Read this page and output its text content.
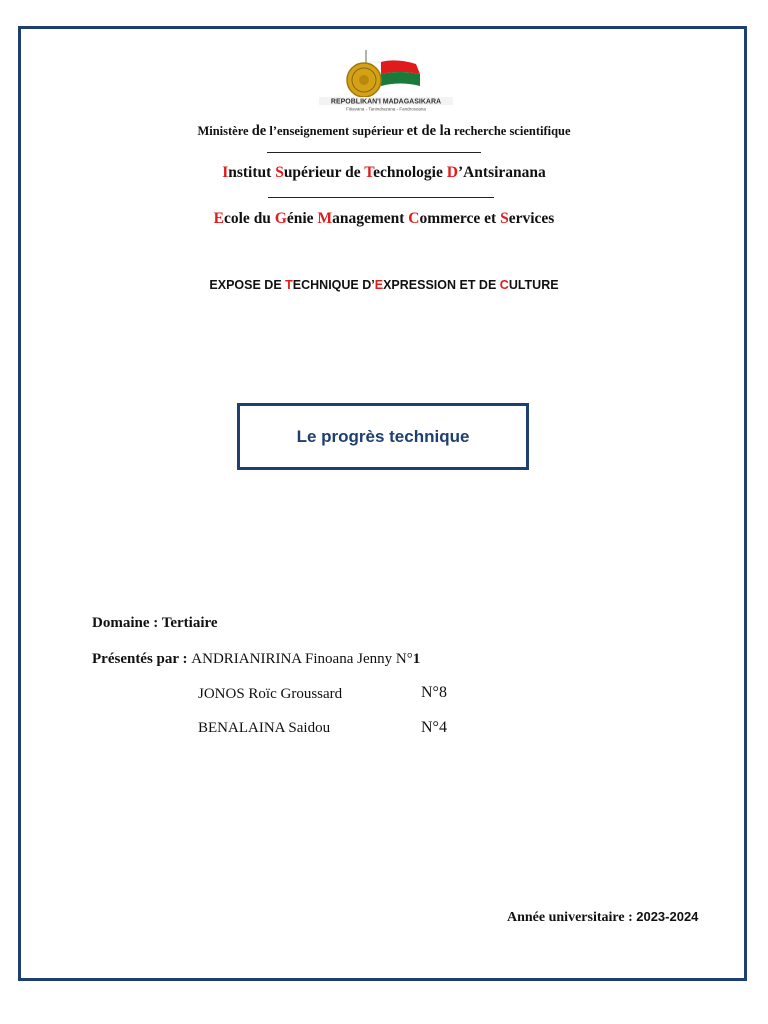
REPOBLIKAN'I MADAGASIKARA
Fitiavana - Tanindrazana - Fandrosoana
Ministère de l’enseignement supérieur et de la recherche scientifique
Institut Supérieur de Technologie D’Antsiranana
Ecole du Génie Management Commerce et Services
EXPOSE DE TECHNIQUE D’EXPRESSION ET DE CULTURE
Le progrès technique
Domaine : Tertiaire
Présentés par : ANDRIANIRINA Finoana Jenny N°1
JONOS Roïc Groussard	N°8
BENALAINA Saidou	N°4
Année universitaire : 2023-2024
